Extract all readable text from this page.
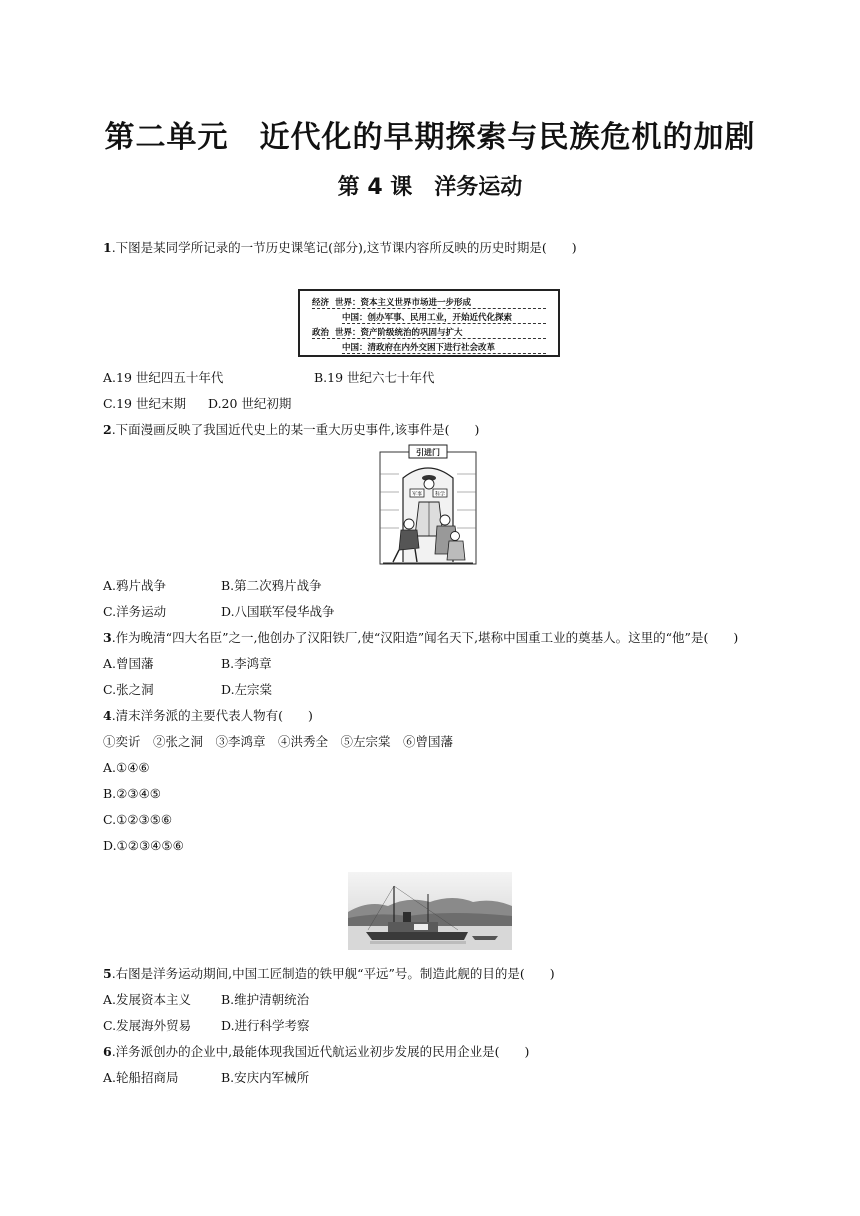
第二单元　近代化的早期探索与民族危机的加剧
第 4 课　洋务运动
1.下图是某同学所记录的一节历史课笔记(部分),这节课内容所反映的历史时期是(　　)
经济 世界：资本主义世界市场进一步形成
中国：创办军事、民用工业，开始近代化探索
政治 世界：资产阶级统治的巩固与扩大
中国：清政府在内外交困下进行社会改革
A.19 世纪四五十年代	B.19 世纪六七十年代
C.19 世纪末期 D.20 世纪初期
2.下面漫画反映了我国近代史上的某一重大历史事件,该事件是(　　)
引进门
军事	科学
A.鸦片战争	B.第二次鸦片战争
C.洋务运动	D.八国联军侵华战争
3.作为晚清“四大名臣”之一,他创办了汉阳铁厂,使“汉阳造”闻名天下,堪称中国重工业的奠基人。这里的“他”是(　　)
A.曾国藩	B.李鸿章
C.张之洞	D.左宗棠
4.清末洋务派的主要代表人物有(　　)
①奕䜣　②张之洞　③李鸿章　④洪秀全　⑤左宗棠　⑥曾国藩
A.①④⑥
B.②③④⑤
C.①②③⑤⑥
D.①②③④⑤⑥
5.右图是洋务运动期间,中国工匠制造的铁甲舰“平远”号。制造此舰的目的是(　　)
A.发展资本主义 B.维护清朝统治
C.发展海外贸易 D.进行科学考察
6.洋务派创办的企业中,最能体现我国近代航运业初步发展的民用企业是(　　)
A.轮船招商局	B.安庆内军械所
